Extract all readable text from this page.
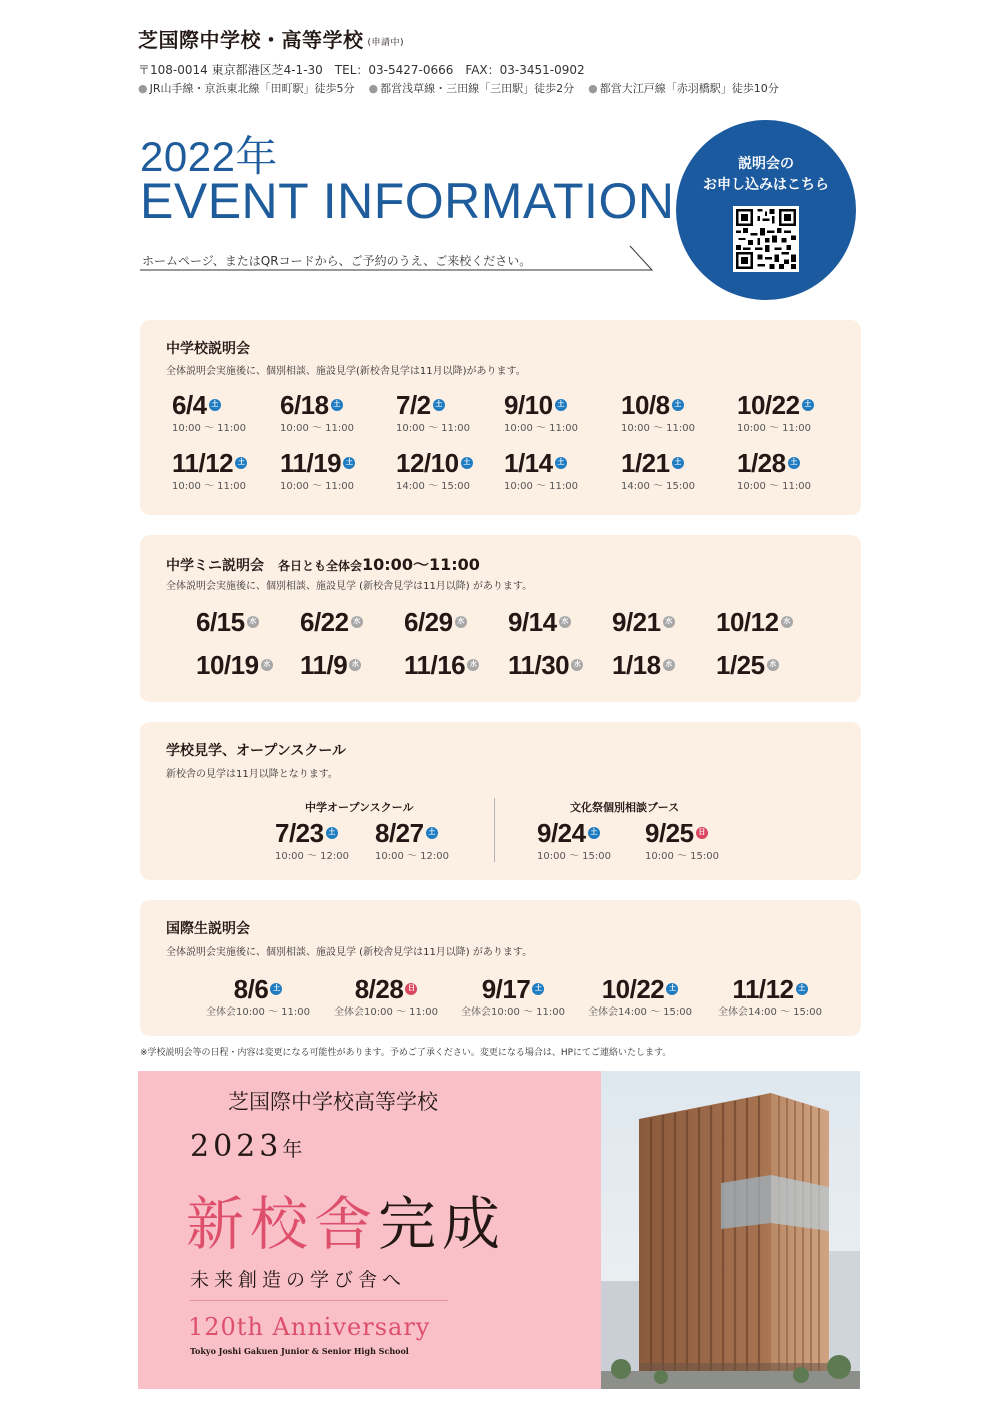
芝国際中学校・高等学校 (申請中)
〒108-0014 東京都港区芝4-1-30　TEL：03-5427-0666　FAX：03-3451-0902
● JR山手線・京浜東北線「田町駅」徒歩5分	● 都営浅草線・三田線「三田駅」徒歩2分	● 都営大江戸線「赤羽橋駅」徒歩10分
2022年
EVENT INFORMATION
ホームページ、またはQRコードから、ご予約のうえ、ご来校ください。
説明会の
お申し込みはこちら
中学校説明会
全体説明会実施後に、個別相談、施設見学(新校舎見学は11月以降)があります。
6/4 土
10:00 ～ 11:00
6/18 土
10:00 ～ 11:00
7/2 土
10:00 ～ 11:00
9/10 土
10:00 ～ 11:00
10/8 土
10:00 ～ 11:00
10/22 土
10:00 ～ 11:00
11/12 土
10:00 ～ 11:00
11/19 土
10:00 ～ 11:00
12/10 土
14:00 ～ 15:00
1/14 土
10:00 ～ 11:00
1/21 土
14:00 ～ 15:00
1/28 土
10:00 ～ 11:00
中学ミニ説明会 各日とも全体会10:00～11:00
全体説明会実施後に、個別相談、施設見学 (新校舎見学は11月以降) があります。
6/15 水 6/22 水 6/29 水 9/14 水 9/21 水 10/12 水
10/19 水 11/9 水 11/16 水 11/30 水 1/18 水 1/25 水
学校見学、オープンスクール
新校舎の見学は11月以降となります。
中学オープンスクール	文化祭個別相談ブース
7/23 土
10:00 ～ 12:00
8/27 土
10:00 ～ 12:00
9/24 土
10:00 ～ 15:00
9/25 日
10:00 ～ 15:00
国際生説明会
全体説明会実施後に、個別相談、施設見学 (新校舎見学は11月以降) があります。
8/6 土
全体会10:00 ～ 11:00
8/28 日
全体会10:00 ～ 11:00
9/17 土
全体会10:00 ～ 11:00
10/22 土
全体会14:00 ～ 15:00
11/12 土
全体会14:00 ～ 15:00
※学校説明会等の日程・内容は変更になる可能性があります。予めご了承ください。変更になる場合は、HPにてご連絡いたします。
芝国際中学校高等学校
2023年
新校舎完成
未来創造の学び舎へ
120th Anniversary
Tokyo Joshi Gakuen Junior & Senior High School
